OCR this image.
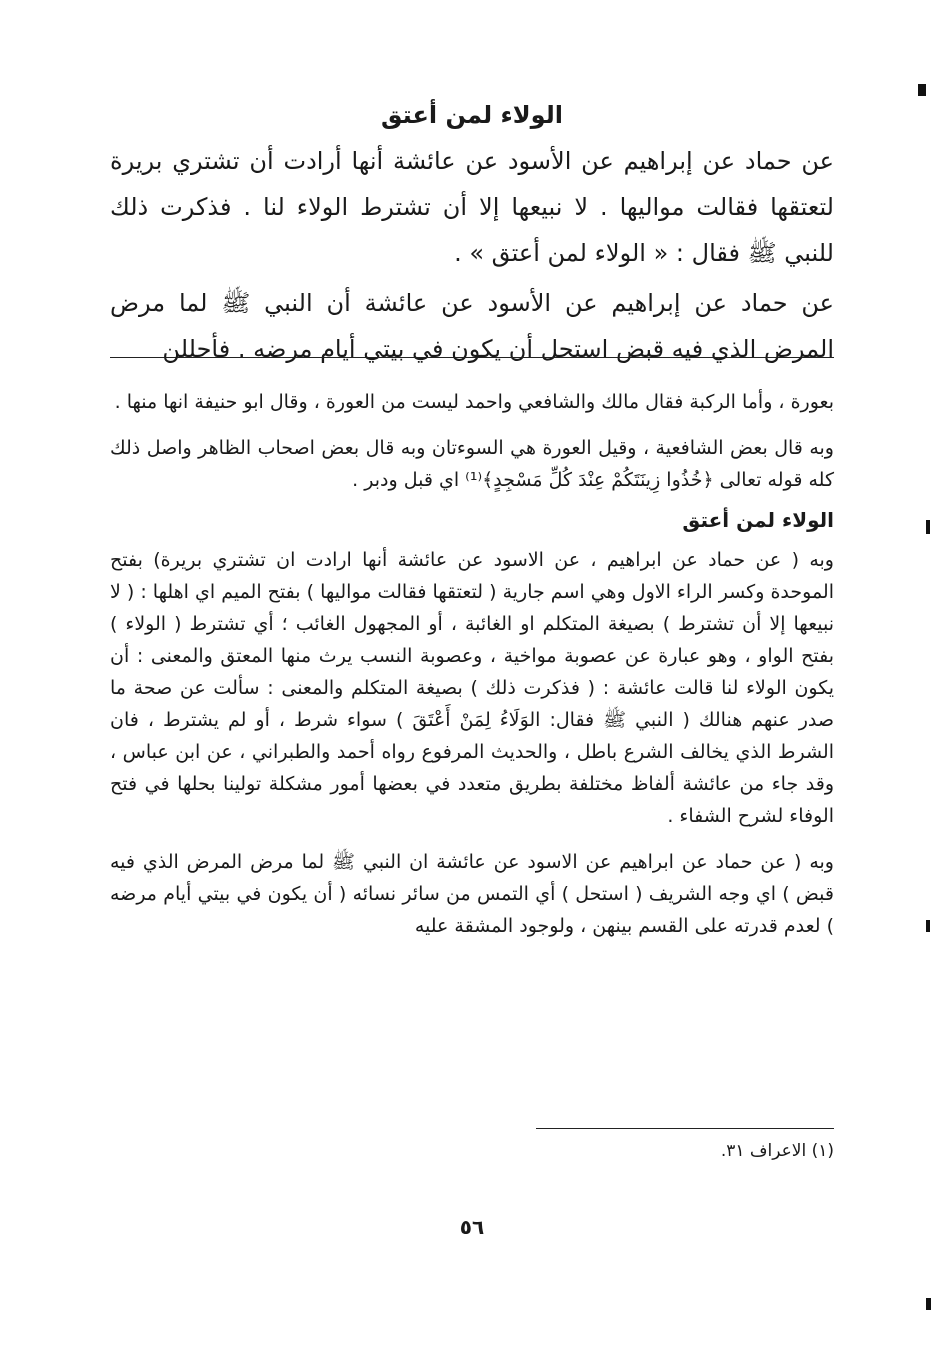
الولاء لمن أعتق

عن حماد عن إبراهيم عن الأسود عن عائشة أنها أرادت أن تشتري بريرة لتعتقها فقالت مواليها . لا نبيعها إلا أن تشترط الولاء لنا . فذكرت ذلك للنبي ﷺ فقال : « الولاء لمن أعتق » .

عن حماد عن إبراهيم عن الأسود عن عائشة أن النبي ﷺ لما مرض المرض الذي فيه قبض استحل أن يكون في بيتي أيام مرضه . فأحللن

بعورة ، وأما الركبة فقال مالك والشافعي واحمد ليست من العورة ، وقال ابو حنيفة انها منها .

وبه قال بعض الشافعية ، وقيل العورة هي السوءتان وبه قال بعض اصحاب الظاهر واصل ذلك كله قوله تعالى ﴿خُذُوا زِينَتَكُمْ عِنْدَ كُلِّ مَسْجِدٍ﴾⁽¹⁾ اي قبل ودبر .

الولاء لمن أعتق

وبه ( عن حماد عن ابراهيم ، عن الاسود عن عائشة أنها ارادت ان تشتري بريرة) بفتح الموحدة وكسر الراء الاول وهي اسم جارية ( لتعتقها فقالت مواليها ) بفتح الميم اي اهلها : ( لا نبيعها إلا أن تشترط ) بصيغة المتكلم او الغائبة ، أو المجهول الغائب ؛ أي تشترط ( الولاء ) بفتح الواو ، وهو عبارة عن عصوبة مواخية ، وعصوبة النسب يرث منها المعتق والمعنى : أن يكون الولاء لنا قالت عائشة : ( فذكرت ذلك ) بصيغة المتكلم والمعنى : سألت عن صحة ما صدر عنهم هنالك ( النبي ﷺ فقال: الوَلَاءُ لِمَنْ أَعْتَقَ ) سواء شرط ، أو لم يشترط ، فان الشرط الذي يخالف الشرع باطل ، والحديث المرفوع رواه أحمد والطبراني ، عن ابن عباس ، وقد جاء من عائشة ألفاظ مختلفة بطريق متعدد في بعضها أمور مشكلة تولينا بحلها في فتح الوفاء لشرح الشفاء .

وبه ( عن حماد عن ابراهيم عن الاسود عن عائشة ان النبي ﷺ لما مرض المرض الذي فيه قبض ) اي وجه الشريف ( استحل ) أي التمس من سائر نسائه ( أن يكون في بيتي أيام مرضه ) لعدم قدرته على القسم بينهن ، ولوجود المشقة عليه

(١) الاعراف ٣١.
٥٦
